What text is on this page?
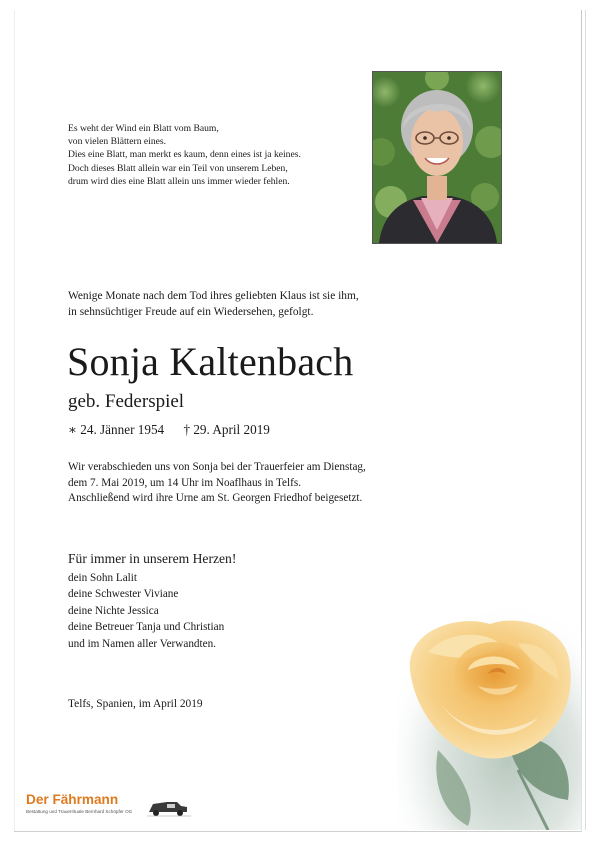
Es weht der Wind ein Blatt vom Baum,
von vielen Blättern eines.
Dies eine Blatt, man merkt es kaum, denn eines ist ja keines.
Doch dieses Blatt allein war ein Teil von unserem Leben,
drum wird dies eine Blatt allein uns immer wieder fehlen.
Wenige Monate nach dem Tod ihres geliebten Klaus ist sie ihm,
in sehnsüchtiger Freude auf ein Wiedersehen, gefolgt.
Sonja Kaltenbach
geb. Federspiel
∗ 24. Jänner 1954 † 29. April 2019
Wir verabschieden uns von Sonja bei der Trauerfeier am Dienstag,
dem 7. Mai 2019, um 14 Uhr im Noaflhaus in Telfs.
Anschließend wird ihre Urne am St. Georgen Friedhof beigesetzt.
Für immer in unserem Herzen!
dein Sohn Lalit
deine Schwester Viviane
deine Nichte Jessica
deine Betreuer Tanja und Christian
und im Namen aller Verwandten.
Telfs, Spanien, im April 2019
Der Fährmann
Bestattung und Trauerrituale Bernhard Schöpfer OG
